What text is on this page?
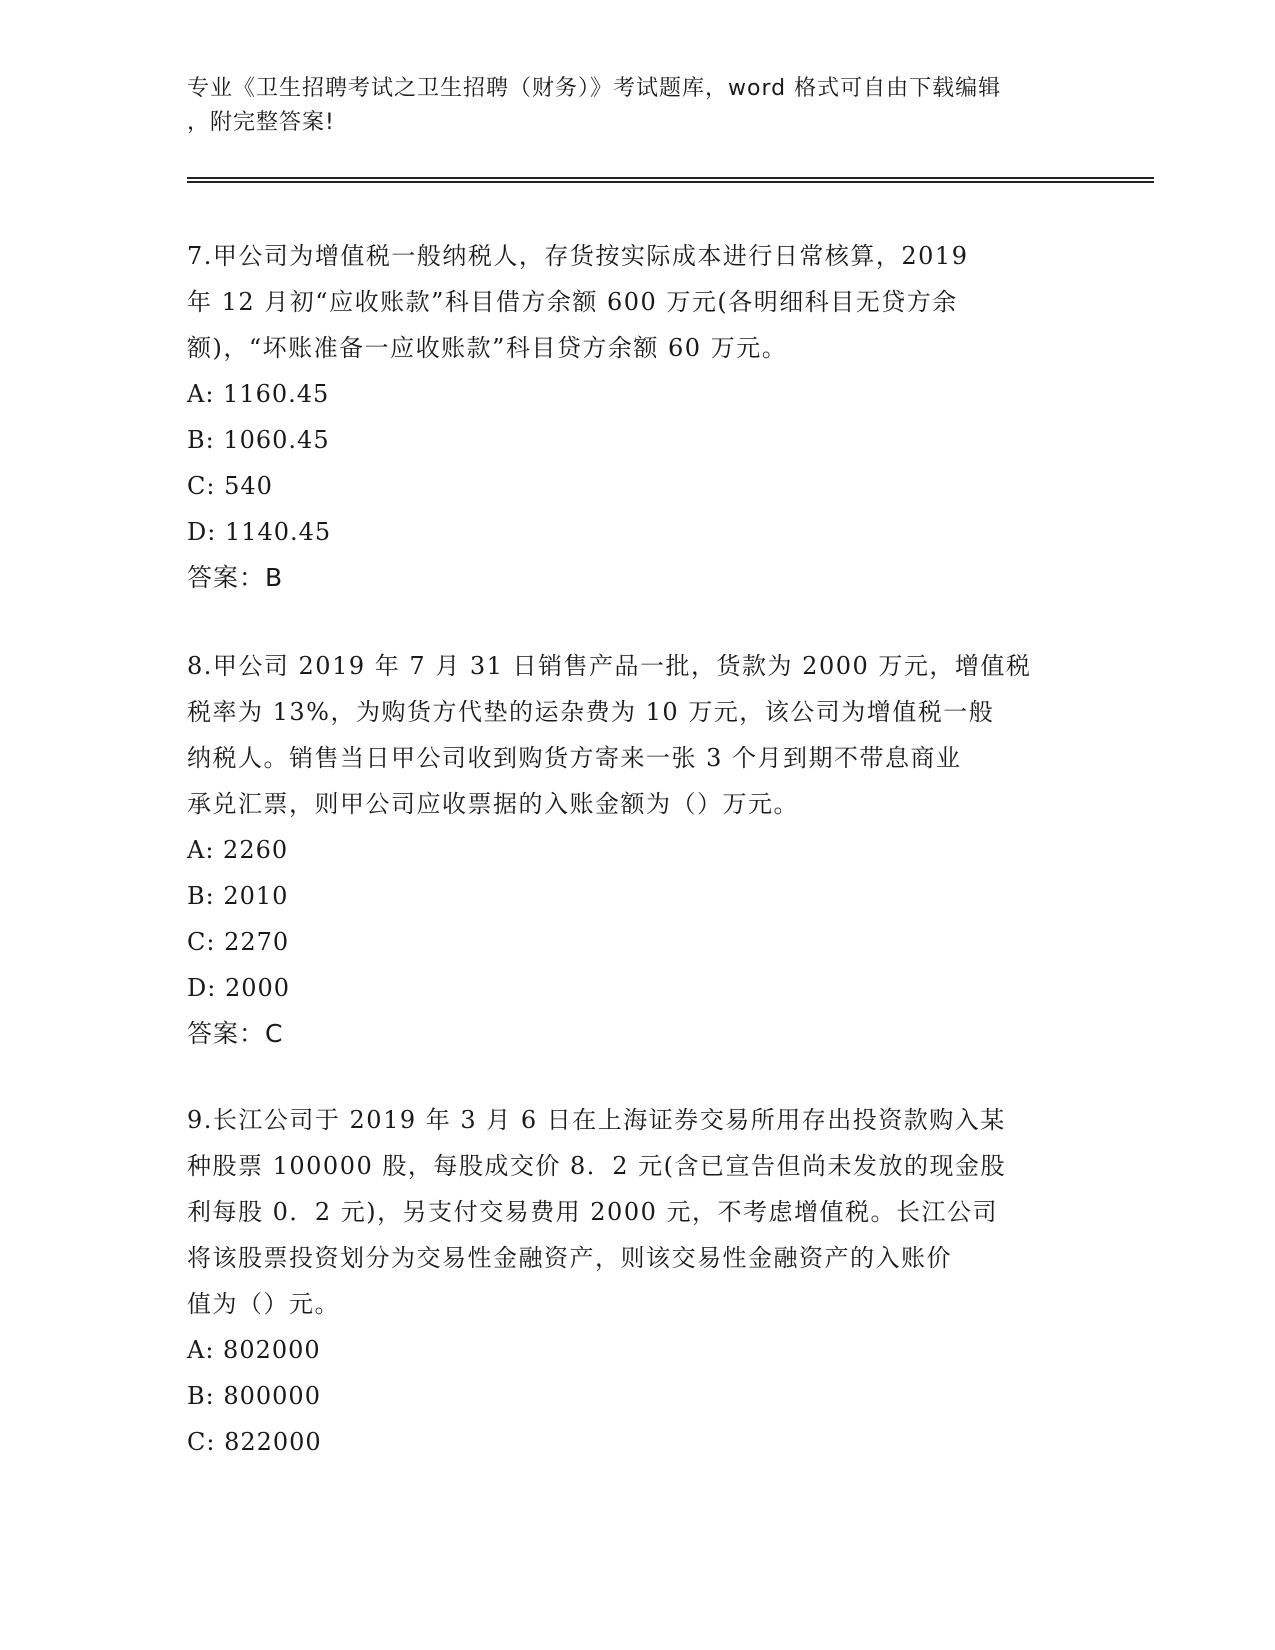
专业《卫生招聘考试之卫生招聘（财务）》考试题库，word 格式可自由下载编辑
，附完整答案!

7.甲公司为增值税一般纳税人，存货按实际成本进行日常核算，2019

年 12 月初“应收账款”科目借方余额 600 万元(各明细科目无贷方余

额)，“坏账准备一应收账款”科目贷方余额 60 万元。

A: 1160.45

B: 1060.45

C: 540

D: 1140.45

答案：B

8.甲公司 2019 年 7 月 31 日销售产品一批，货款为 2000 万元，增值税

税率为 13%，为购货方代垫的运杂费为 10 万元，该公司为增值税一般

纳税人。销售当日甲公司收到购货方寄来一张 3 个月到期不带息商业

承兑汇票，则甲公司应收票据的入账金额为（）万元。

A: 2260

B: 2010

C: 2270

D: 2000

答案：C

9.长江公司于 2019 年 3 月 6 日在上海证券交易所用存出投资款购入某

种股票 100000 股，每股成交价 8．2 元(含已宣告但尚未发放的现金股

利每股 0．2 元)，另支付交易费用 2000 元，不考虑增值税。长江公司

将该股票投资划分为交易性金融资产，则该交易性金融资产的入账价

值为（）元。

A: 802000

B: 800000

C: 822000
